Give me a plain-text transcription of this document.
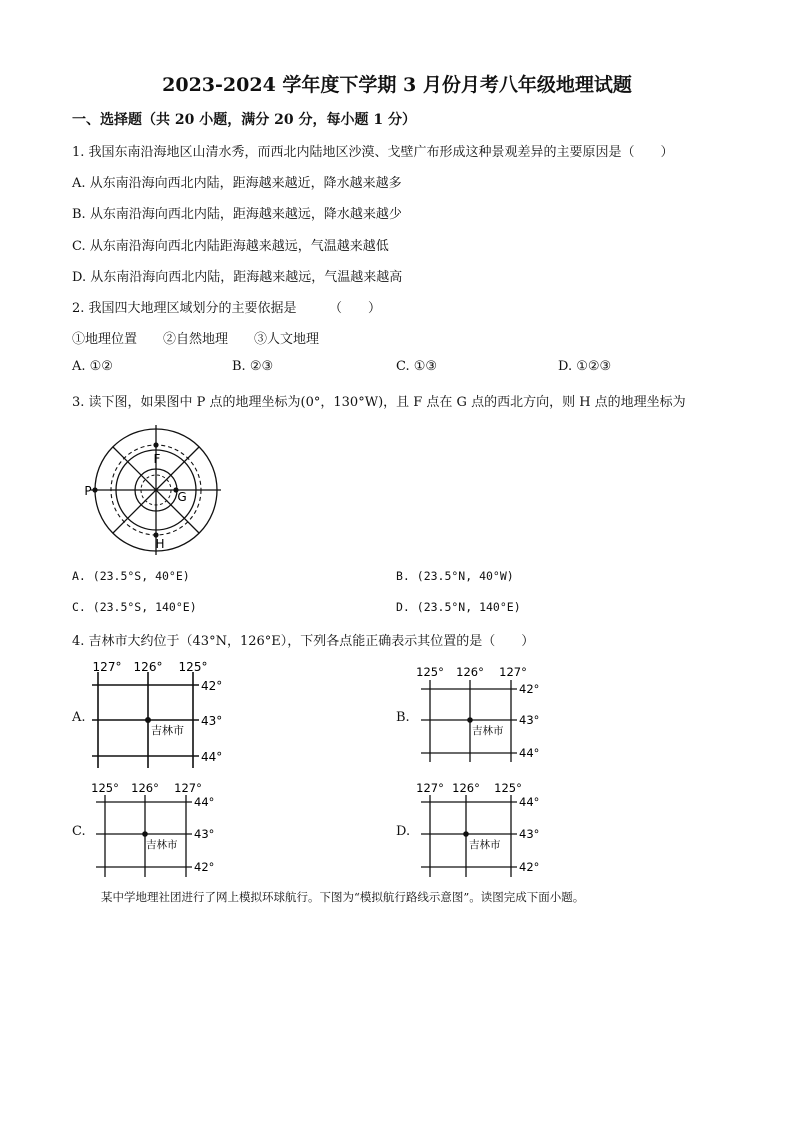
2023-2024 学年度下学期 3 月份月考八年级地理试题
一、选择题（共 20 小题，满分 20 分，每小题 1 分）
1. 我国东南沿海地区山清水秀，而西北内陆地区沙漠、戈壁广布形成这种景观差异的主要原因是（　　）
A. 从东南沿海向西北内陆，距海越来越近，降水越来越多
B. 从东南沿海向西北内陆，距海越来越远，降水越来越少
C. 从东南沿海向西北内陆距海越来越远，气温越来越低
D. 从东南沿海向西北内陆，距海越来越远，气温越来越高
2. 我国四大地理区域划分的主要依据是　　　（　　）
①地理位置　　②自然地理　　③人文地理
A. ①②	B. ②③	C. ①③	D. ①②③
3. 读下图，如果图中 P 点的地理坐标为(0°，130°W)，且 F 点在 G 点的西北方向，则 H 点的地理坐标为
F
P	G
H
A. (23.5°S, 40°E)	B. (23.5°N, 40°W)
C. (23.5°S, 140°E)	D. (23.5°N, 140°E)
4. 吉林市大约位于（43°N，126°E），下列各点能正确表示其位置的是（　　）
A.
127° 126° 125°
42°
43°
44°
吉林市
B.
125° 126° 127°
42°
43°
44°
吉林市
C.
125° 126° 127°
44°
43°
42°
吉林市
D.
127° 126° 125°
44°
43°
42°
吉林市
某中学地理社团进行了网上模拟环球航行。下图为“模拟航行路线示意图”。读图完成下面小题。
